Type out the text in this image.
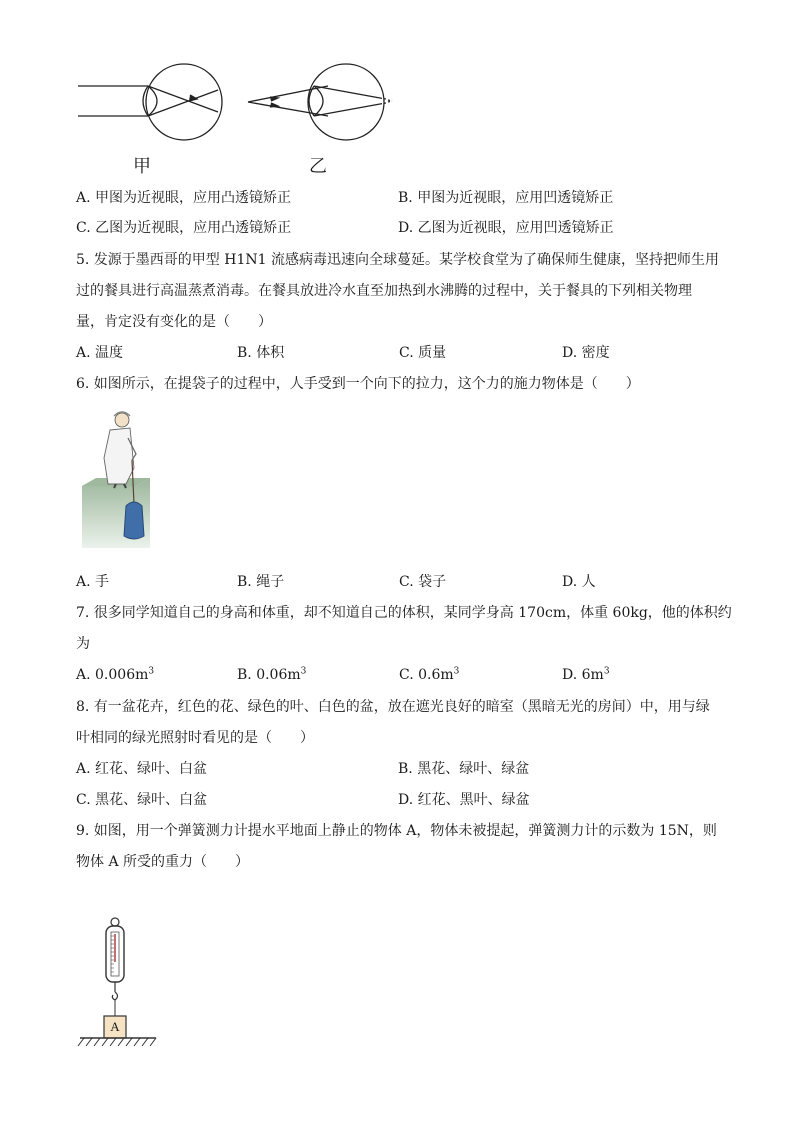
甲	乙
A. 甲图为近视眼，应用凸透镜矫正	B. 甲图为近视眼，应用凹透镜矫正
C. 乙图为近视眼，应用凸透镜矫正	D. 乙图为近视眼，应用凹透镜矫正
5. 发源于墨西哥的甲型 H1N1 流感病毒迅速向全球蔓延。某学校食堂为了确保师生健康，坚持把师生用
过的餐具进行高温蒸煮消毒。在餐具放进冷水直至加热到水沸腾的过程中，关于餐具的下列相关物理
量，肯定没有变化的是（　　）
A. 温度	B. 体积	C. 质量	D. 密度
6. 如图所示，在提袋子的过程中，人手受到一个向下的拉力，这个力的施力物体是（　　）
A. 手	B. 绳子	C. 袋子	D. 人
7. 很多同学知道自己的身高和体重，却不知道自己的体积，某同学身高 170cm，体重 60kg，他的体积约
为
A. $0.006m^3$	B. $0.06m^3$	C. $0.6m^3$	D. $6m^3$
8. 有一盆花卉，红色的花、绿色的叶、白色的盆，放在遮光良好的暗室（黑暗无光的房间）中，用与绿
叶相同的绿光照射时看见的是（　　）
A. 红花、绿叶、白盆	B. 黑花、绿叶、绿盆
C. 黑花、绿叶、白盆	D. 红花、黑叶、绿盆
9. 如图，用一个弹簧测力计提水平地面上静止的物体 A，物体未被提起，弹簧测力计的示数为 15N，则
物体 A 所受的重力（　　）
A
